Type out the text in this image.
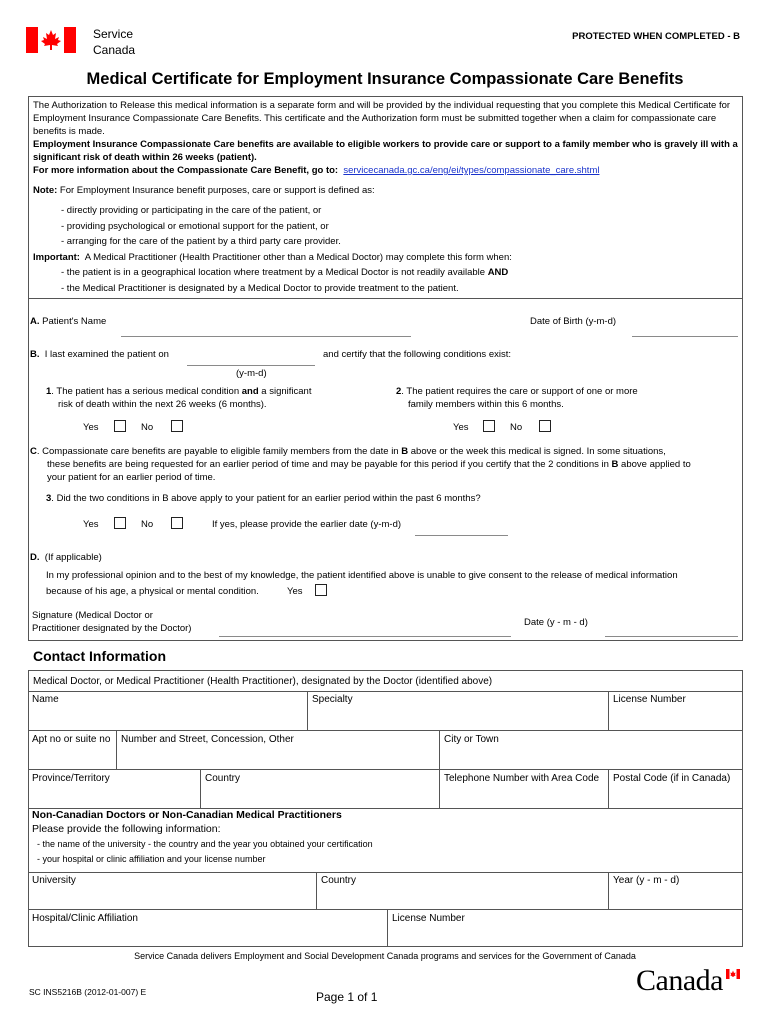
Service
Canada
PROTECTED WHEN COMPLETED - B
Medical Certificate for Employment Insurance Compassionate Care Benefits
The Authorization to Release this medical information is a separate form and will be provided by the individual requesting that you complete this Medical Certificate for Employment Insurance Compassionate Care Benefits. This certificate and the Authorization form must be submitted together when a claim for compassionate care benefits is made.
Employment Insurance Compassionate Care benefits are available to eligible workers to provide care or support to a family member who is gravely ill with a significant risk of death within 26 weeks (patient).
For more information about the Compassionate Care Benefit, go to: servicecanada.gc.ca/eng/ei/types/compassionate_care.shtml
Note: For Employment Insurance benefit purposes, care or support is defined as:
- directly providing or participating in the care of the patient, or
- providing psychological or emotional support for the patient, or
- arranging for the care of the patient by a third party care provider.
Important: A Medical Practitioner (Health Practitioner other than a Medical Doctor) may complete this form when:
- the patient is in a geographical location where treatment by a Medical Doctor is not readily available AND
- the Medical Practitioner is designated by a Medical Doctor to provide treatment to the patient.
A. Patient's Name	Date of Birth (y-m-d)
B. I last examined the patient on
(y-m-d)
and certify that the following conditions exist:
1. The patient has a serious medical condition and a significant
risk of death within the next 26 weeks (6 months).
2. The patient requires the care or support of one or more
family members within this 6 months.
Yes	No	Yes	No
C. Compassionate care benefits are payable to eligible family members from the date in B above or the week this medical is signed. In some situations,
these benefits are being requested for an earlier period of time and may be payable for this period if you certify that the 2 conditions in B above applied to
your patient for an earlier period of time.
3. Did the two conditions in B above apply to your patient for an earlier period within the past 6 months?
Yes	No	If yes, please provide the earlier date (y-m-d)
D. (If applicable)
In my professional opinion and to the best of my knowledge, the patient identified above is unable to give consent to the release of medical information
because of his age, a physical or mental condition.	Yes
Signature (Medical Doctor or
Practitioner designated by the Doctor)
Date (y - m - d)
Contact Information
Medical Doctor, or Medical Practitioner (Health Practitioner), designated by the Doctor (identified above)
Name	Specialty	License Number
Apt no or suite no	Number and Street, Concession, Other	City or Town
Province/Territory	Country	Telephone Number with Area Code	Postal Code (if in Canada)
Non-Canadian Doctors or Non-Canadian Medical Practitioners
Please provide the following information:
- the name of the university - the country and the year you obtained your certification
- your hospital or clinic affiliation and your license number
University	Country	Year (y - m - d)
Hospital/Clinic Affiliation	License Number
Service Canada delivers Employment and Social Development Canada programs and services for the Government of Canada
SC INS5216B (2012-01-007) E	Page 1 of 1	Canada
